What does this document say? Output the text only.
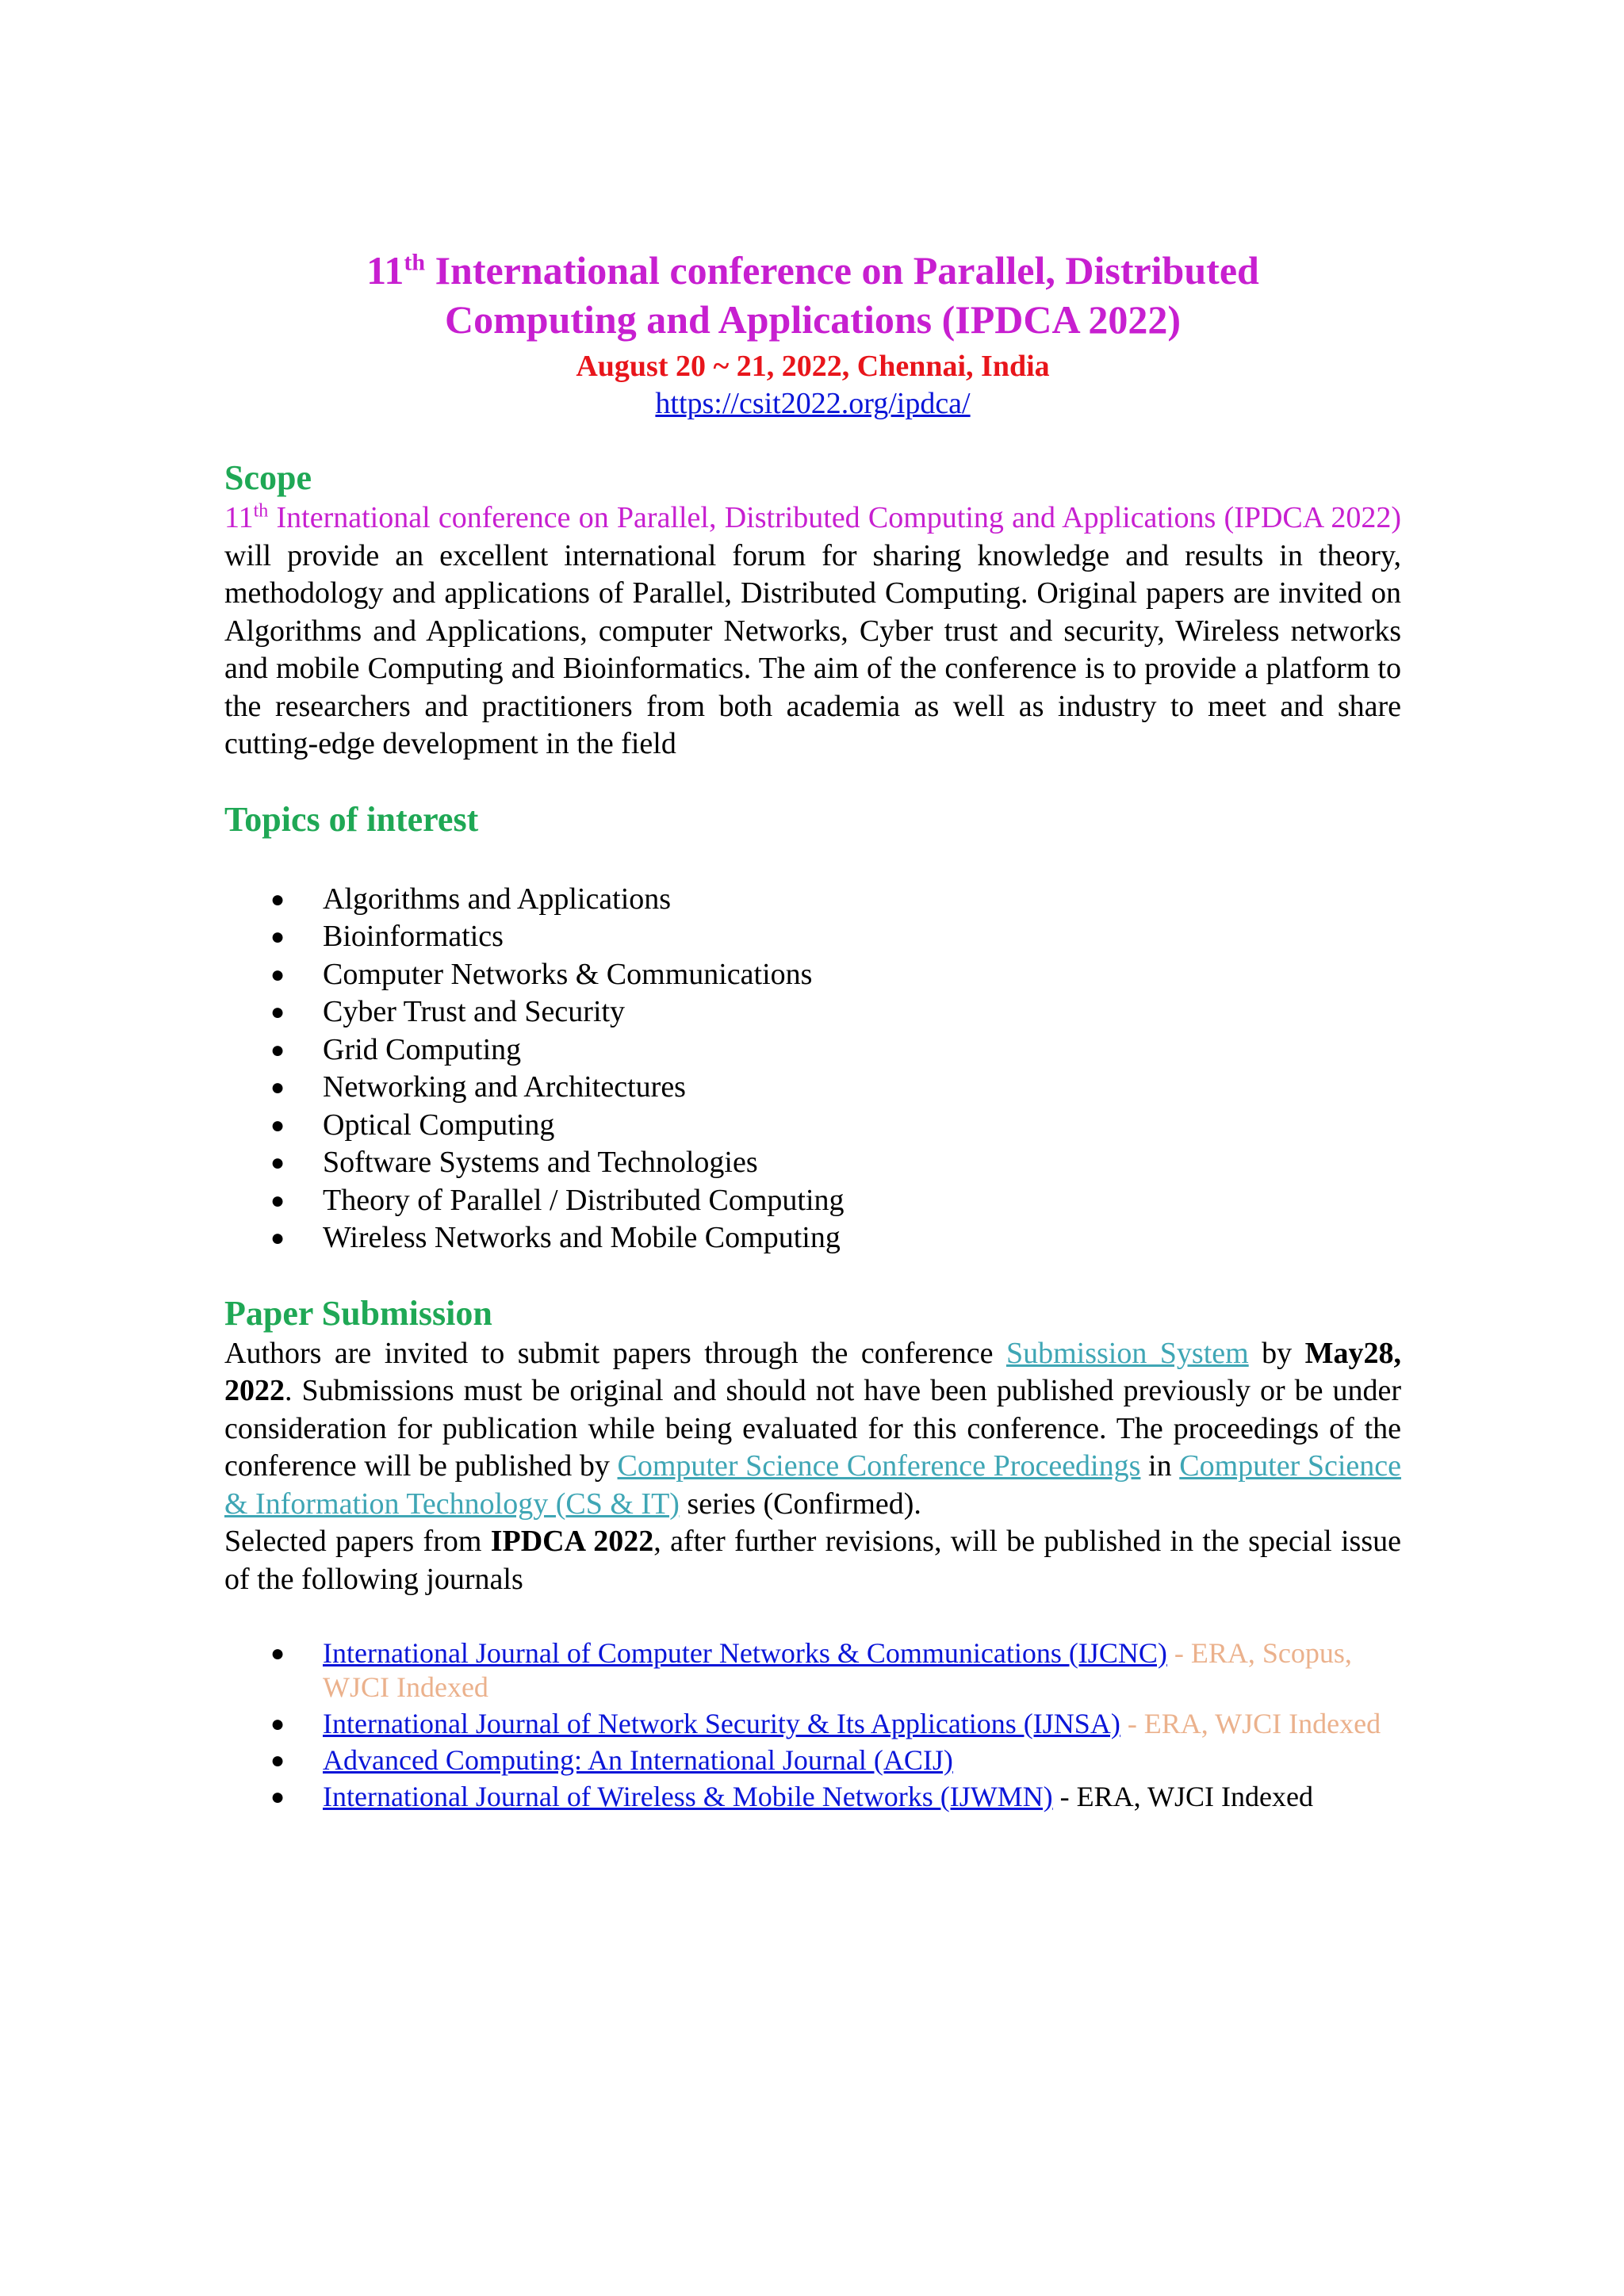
11th International conference on Parallel, Distributed
Computing and Applications (IPDCA 2022)

August 20 ~ 21, 2022, Chennai, India

https://csit2022.org/ipdca/

Scope

11th International conference on Parallel, Distributed Computing and Applications (IPDCA 2022) will provide an excellent international forum for sharing knowledge and results in theory, methodology and applications of Parallel, Distributed Computing. Original papers are invited on Algorithms and Applications, computer Networks, Cyber trust and security, Wireless networks and mobile Computing and Bioinformatics. The aim of the conference is to provide a platform to the researchers and practitioners from both academia as well as industry to meet and share cutting-edge development in the field

Topics of interest
● Algorithms and Applications
● Bioinformatics
● Computer Networks & Communications
● Cyber Trust and Security
● Grid Computing
● Networking and Architectures
● Optical Computing
● Software Systems and Technologies
● Theory of Parallel / Distributed Computing
● Wireless Networks and Mobile Computing
Paper Submission

Authors are invited to submit papers through the conference Submission System by May28, 2022. Submissions must be original and should not have been published previously or be under consideration for publication while being evaluated for this conference. The proceedings of the conference will be published by Computer Science Conference Proceedings in Computer Science & Information Technology (CS & IT) series (Confirmed).

Selected papers from IPDCA 2022, after further revisions, will be published in the special issue of the following journals

● International Journal of Computer Networks & Communications (IJCNC) - ERA, Scopus, WJCI Indexed
● International Journal of Network Security & Its Applications (IJNSA) - ERA, WJCI Indexed
● Advanced Computing: An International Journal (ACIJ)
● International Journal of Wireless & Mobile Networks (IJWMN) - ERA, WJCI Indexed
